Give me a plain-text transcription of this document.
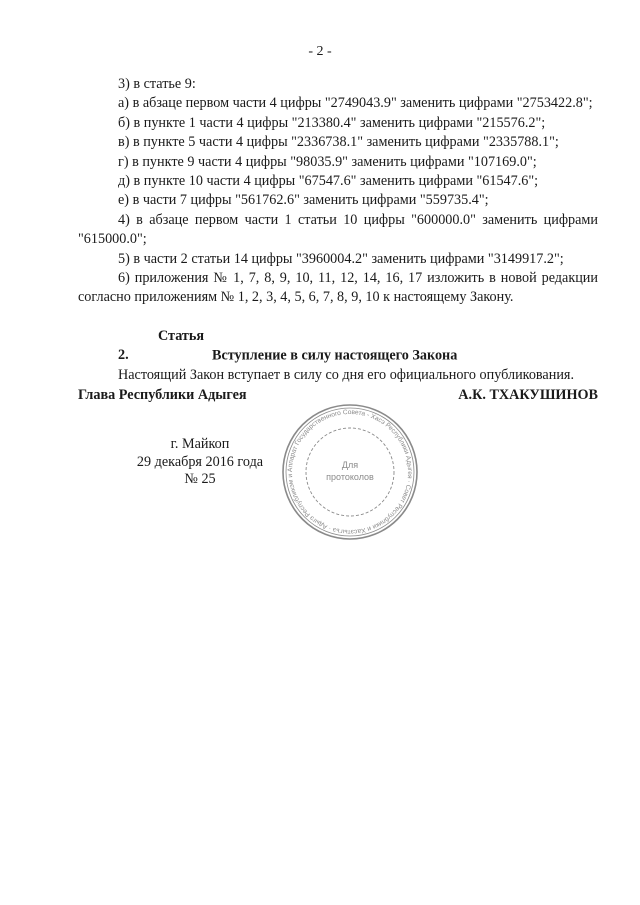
- 2 -

3) в статье 9:

а) в абзаце первом части 4 цифры "2749043.9" заменить цифрами "2753422.8";

б) в пункте 1 части 4 цифры "213380.4" заменить цифрами "215576.2";

в) в пункте 5 части 4 цифры "2336738.1" заменить цифрами "2335788.1";

г) в пункте 9 части 4 цифры "98035.9" заменить цифрами "107169.0";

д) в пункте 10 части 4 цифры "67547.6" заменить цифрами "61547.6";

е) в части 7 цифры "561762.6" заменить цифрами "559735.4";

4) в абзаце первом части 1 статьи 10 цифры "600000.0" заменить цифрами "615000.0";

5) в части 2 статьи 14 цифры "3960004.2" заменить цифрами "3149917.2";

6) приложения № 1, 7, 8, 9, 10, 11, 12, 14, 16, 17 изложить в новой редакции согласно приложениям № 1, 2, 3, 4, 5, 6, 7, 8, 9, 10 к настоящему Закону.

Статья 2.	Вступление в силу настоящего Закона

Настоящий Закон вступает в силу со дня его официального опубликования.

Глава Республики Адыгея	А.К. ТХАКУШИНОВ
г. Майкоп
29 декабря 2016 года
№ 25
Аппарат Государственного Совета - Хасэ Республики Адыгея · Совет Республики и Хасэтыгъэ · Адыгэ Республикэм и
Для
протоколов
